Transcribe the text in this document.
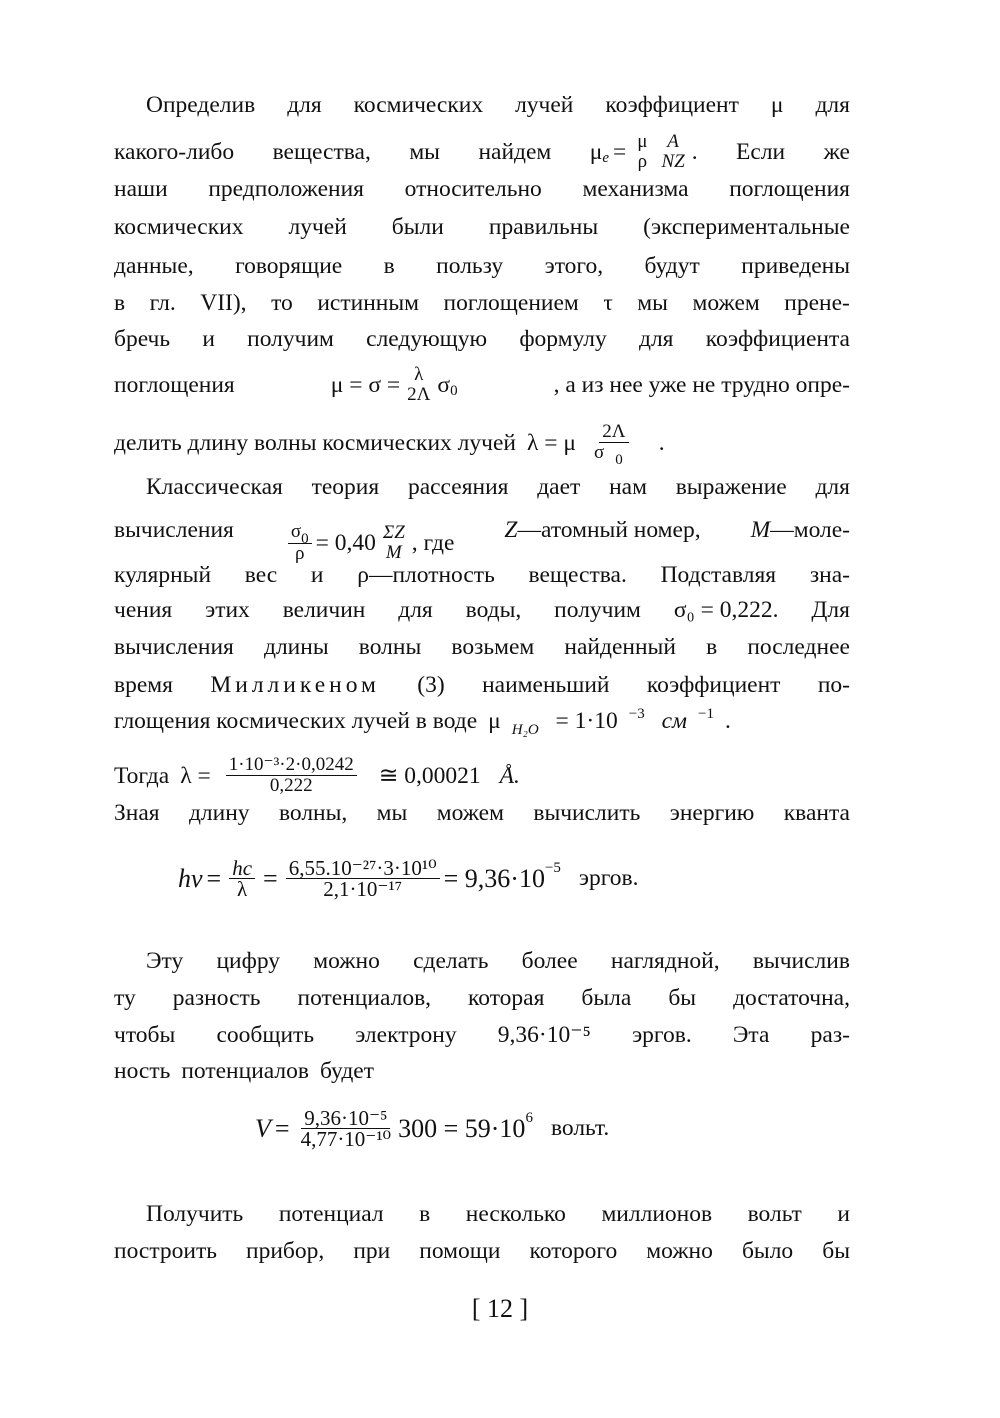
Определив для космических лучей коэффициент μ для
какого-либо вещества, мы найдем μ e = μ
ρ
A
NZ . Если же
наши предположения относительно механизма поглощения
космических лучей были правильны (экспериментальные
данные, говорящие в пользу этого, будут приведены
в гл. VII), то истинным поглощением τ мы можем прене-
бречь и получим следующую формулу для коэффициента
поглощения	μ = σ = λ
2Λ σ 0	, а из нее уже не трудно опре-
делить длину волны космических лучей λ = μ $\frac{2\Lambda}{\sigma _0}$ .
Классическая теория рассеяния дает нам выражение для
вычисления	$\frac{\sigma_0}{\rho} = 0,40$ ΣZ
M , где Z—атомный номер, M—моле-
кулярный вес и ρ—плотность вещества. Подставляя зна-
чения этих величин для воды, получим σ₀ = 0,222. Для
вычисления длины волны возьмем найденный в последнее
время Милликеном (3) наименьший коэффициент по-
глощения космических лучей в воде μ $_{H_2O}$ = 1·10 $^{-3}$ см $^{-1}$ .
Тогда $\lambda = \frac{\text{1·10⁻³·2·0,0242}}{0,222}$ ≅ 0,00021 Å.
Зная длину волны, мы можем вычислить энергию кванта
$h\nu = \frac{hc}{\lambda} = \frac{\text{6,55.10⁻²⁷·3·10¹⁰}}{\text{2,1·10⁻¹⁷}} = 9,36\cdot 10 -5$ эргов.
Эту цифру можно сделать более наглядной, вычислив
ту разность потенциалов, которая была бы достаточна,
чтобы сообщить электрону 9,36·10⁻⁵ эргов. Эта раз-
ность потенциалов будет
$V = \frac{\text{9,36·10⁻⁵}}{\text{4,77·10⁻¹⁰}} 300 = 59\cdot 10$ 6 вольт.
Получить потенциал в несколько миллионов вольт и
построить прибор, при помощи которого можно было бы
[ 12 ]
